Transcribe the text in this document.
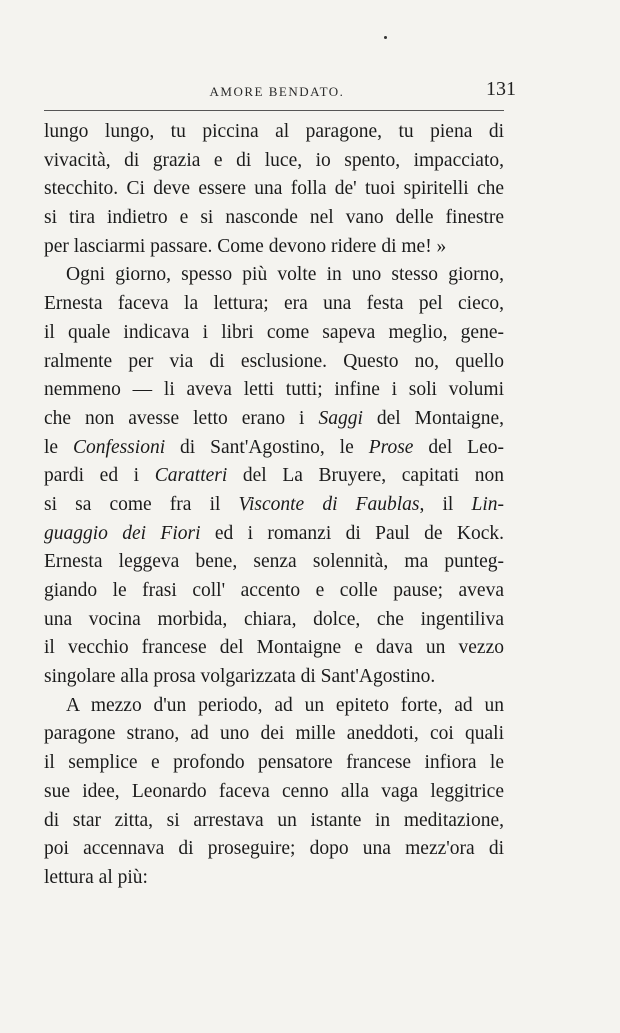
AMORE BENDATO.	131
lungo lungo, tu piccina al paragone, tu piena di
vivacità, di grazia e di luce, io spento, impacciato,
stecchito. Ci deve essere una folla de' tuoi spiritelli che
si tira indietro e si nasconde nel vano delle finestre
per lasciarmi passare. Come devono ridere di me! »
Ogni giorno, spesso più volte in uno stesso giorno,
Ernesta faceva la lettura; era una festa pel cieco,
il quale indicava i libri come sapeva meglio, gene-
ralmente per via di esclusione. Questo no, quello
nemmeno — li aveva letti tutti; infine i soli volumi
che non avesse letto erano i Saggi del Montaigne,
le Confessioni di Sant'Agostino, le Prose del Leo-
pardi ed i Caratteri del La Bruyere, capitati non
si sa come fra il Visconte di Faublas, il Lin-
guaggio dei Fiori ed i romanzi di Paul de Kock.
Ernesta leggeva bene, senza solennità, ma punteg-
giando le frasi coll' accento e colle pause; aveva
una vocina morbida, chiara, dolce, che ingentiliva
il vecchio francese del Montaigne e dava un vezzo
singolare alla prosa volgarizzata di Sant'Agostino.
A mezzo d'un periodo, ad un epiteto forte, ad un
paragone strano, ad uno dei mille aneddoti, coi quali
il semplice e profondo pensatore francese infiora le
sue idee, Leonardo faceva cenno alla vaga leggitrice
di star zitta, si arrestava un istante in meditazione,
poi accennava di proseguire; dopo una mezz'ora di
lettura al più:
